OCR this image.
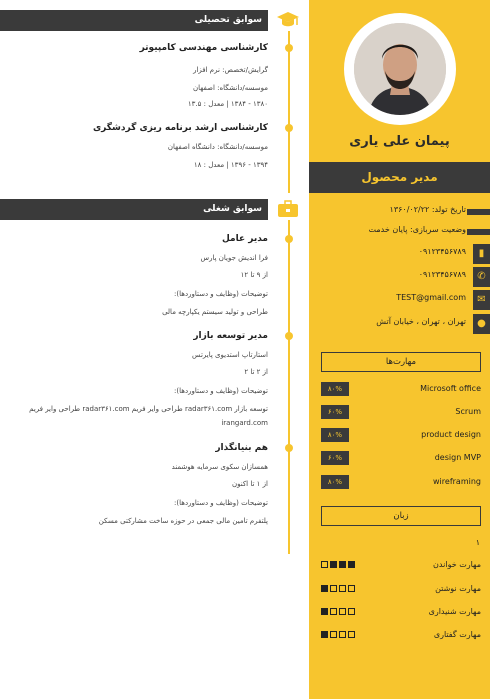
پیمان علی یاری
مدیر محصول
تاریخ تولد: ۱۳۶۰/۰۲/۲۲
وضعیت سربازی: پایان خدمت
▮
۰۹۱۲۳۴۵۶۷۸۹
✆
۰۹۱۲۳۴۵۶۷۸۹
✉
TEST@gmail.com
●
تهران ، تهران ، خیابان آتش
مهارت‌ها
۸۰%	Microsoft office
۶۰%	Scrum
۸۰%	product design
۶۰%	design MVP
۸۰%	wireframing
زبان
۱
مهارت خواندن
مهارت نوشتن
مهارت شنیداری
مهارت گفتاری
سوابق تحصیلی
کارشناسی مهندسی کامپیوتر
گرایش/تخصص: نرم افزار
موسسه/دانشگاه: اصفهان
۱۳۸۰ - ۱۳۸۴ | معدل : ۱۳.۵
کارشناسی ارشد برنامه ریزی گردشگری
موسسه/دانشگاه: دانشگاه اصفهان
۱۳۹۴ - ۱۳۹۶ | معدل : ۱۸
سوابق شغلی
مدیر عامل
فرا اندیش جویان پارس
از ۹ تا ۱۲
توضیحات (وظایف و دستاوردها):
طراحی و تولید سیستم یکپارچه مالی
مدیر توسعه بازار
استارتاپ استدیوی پایرتس
از ۲ تا ۲
توضیحات (وظایف و دستاوردها):
توسعه بازار radar۳۶۱.com طراحی وایر فریم radar۳۶۱.com طراحی وایر فریم irangard.com
هم بنیانگذار
همسازان سکوی سرمایه هوشمند
از ۱ تا اکنون
توضیحات (وظایف و دستاوردها):
پلتفرم تامین مالی جمعی در حوزه ساخت مشارکتی مسکن
